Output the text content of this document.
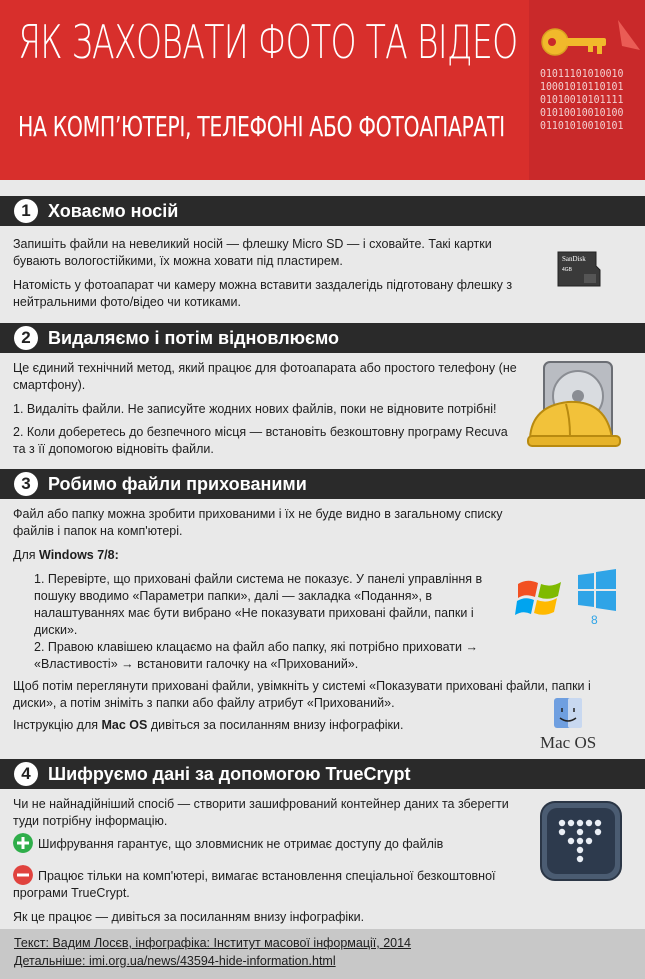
ЯК ЗАХОВАТИ ФОТО ТА ВІДЕО
НА КОМП’ЮТЕРІ, ТЕЛЕФОНІ АБО ФОТОАПАРАТІ
01011101010010
10001010110101
01010010101111
01010010010100
01101010010101
1 Ховаємо носій
Запишіть файли на невеликий носій — флешку Micro SD — і сховайте. Такі картки бувають вологостійкими, їх можна ховати під пластирем.
Натомість у фотоапарат чи камеру можна вставити заздалегідь підготовану флешку з нейтральними фото/відео чи котиками.
SanDisk
4GB
2 Видаляємо і потім відновлюємо
Це єдиний технічний метод, який працює для фотоапарата або простого телефону (не смартфону).
1. Видаліть файли. Не записуйте жодних нових файлів, поки не відновите потрібні!
2. Коли доберетесь до безпечного місця — встановіть безкоштовну програму Recuva та з її допомогою відновіть файли.
3 Робимо файли прихованими
Файл або папку можна зробити прихованими і їх не буде видно в загальному списку файлів і папок на комп'ютері.
Для Windows 7/8:
1. Перевірте, що приховані файли система не показує. У панелі управління в пошуку вводимо «Параметри папки», далі — закладка «Подання», в налаштуваннях має бути вибрано «Не показувати приховані файли, папки і диски».
2. Правою клавішею клацаємо на файл або папку, які потрібно приховати → «Властивості» → встановити галочку на «Прихований».
Щоб потім переглянути приховані файли, увімкніть у системі «Показувати приховані файли, папки і диски», а потім зніміть з папки або файлу атрибут «Прихований».
Інструкцію для Mac OS дивіться за посиланням внизу інфографіки.
8
Mac OS
4 Шифруємо дані за допомогою TrueCrypt
Чи не найнадійніший спосіб — створити зашифрований контейнер даних та зберегти туди потрібну інформацію.
Шифрування гарантує, що зловмисник не отримає доступу до файлів
Працює тільки на комп'ютері, вимагає встановлення спеціальної безкоштовної програми TrueCrypt.
Як це працює — дивіться за посиланням внизу інфографіки.
Текст: Вадим Лосєв, інфографіка: Інститут масової інформації, 2014
Детальніше: imi.org.ua/news/43594-hide-information.html
